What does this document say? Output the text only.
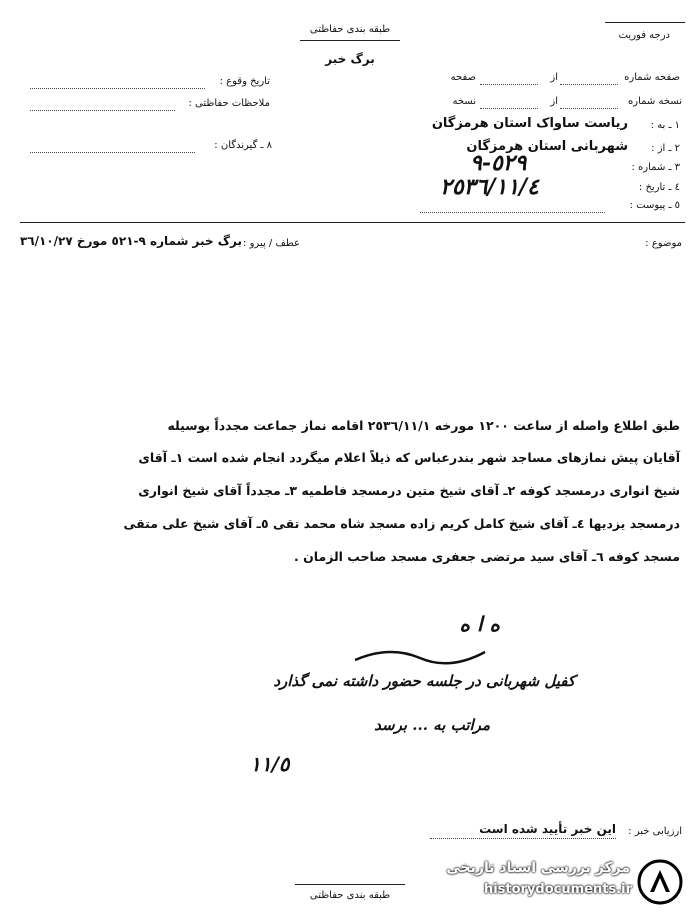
طبقه بندی حفاظتی
برگ خبر
درجه فوریت
صفحه شماره
از
صفحه
نسخه شماره
از
نسخه
تاریخ وقوع :
ملاحظات حفاظتی :
٨ ـ گیرندگان :
١ ـ به :
ریاست ساواک استان هرمزگان
٢ ـ از :
شهربانی استان هرمزگان
٣ ـ شماره :
٥٢٩-٩
٤ ـ تاریخ :
٢٥٣٦/١١/٤
٥ ـ پیوست :
موضوع :
عطف / پیرو :
برگ خبر شماره ٩-٥٢١ مورخ ٣٦/١٠/٢٧
طبق اطلاع واصله از ساعت ١٢٠٠ مورخه ٢٥٣٦/١١/١ اقامه نماز جماعت مجدداً بوسیله
آقایان پیش نمازهای مساجد شهر بندرعباس که ذیلاً اعلام میگردد انجام شده است ١ـ آقای
شیخ انواری درمسجد کوفه ٢ـ آقای شیخ متین درمسجد فاطمیه ٣ـ مجدداً آقای شیخ انواری
درمسجد یزدیها ٤ـ آقای شیخ کامل کریم زاده مسجد شاه محمد تقی ٥ـ آقای شیخ علی متقی
مسجد کوفه ٦ـ آقای سید مرتضی جعفری مسجد صاحب الزمان .
ه ا ه
کفیل شهربانی در جلسه حضور داشته نمی گذارد
مراتب به ... برسد
١١/٥
ارزیابی خبر :
این خبر تأیید شده است
طبقه بندی حفاظتی
مرکز بررسی اسناد تاریخی
historydocuments.ir
